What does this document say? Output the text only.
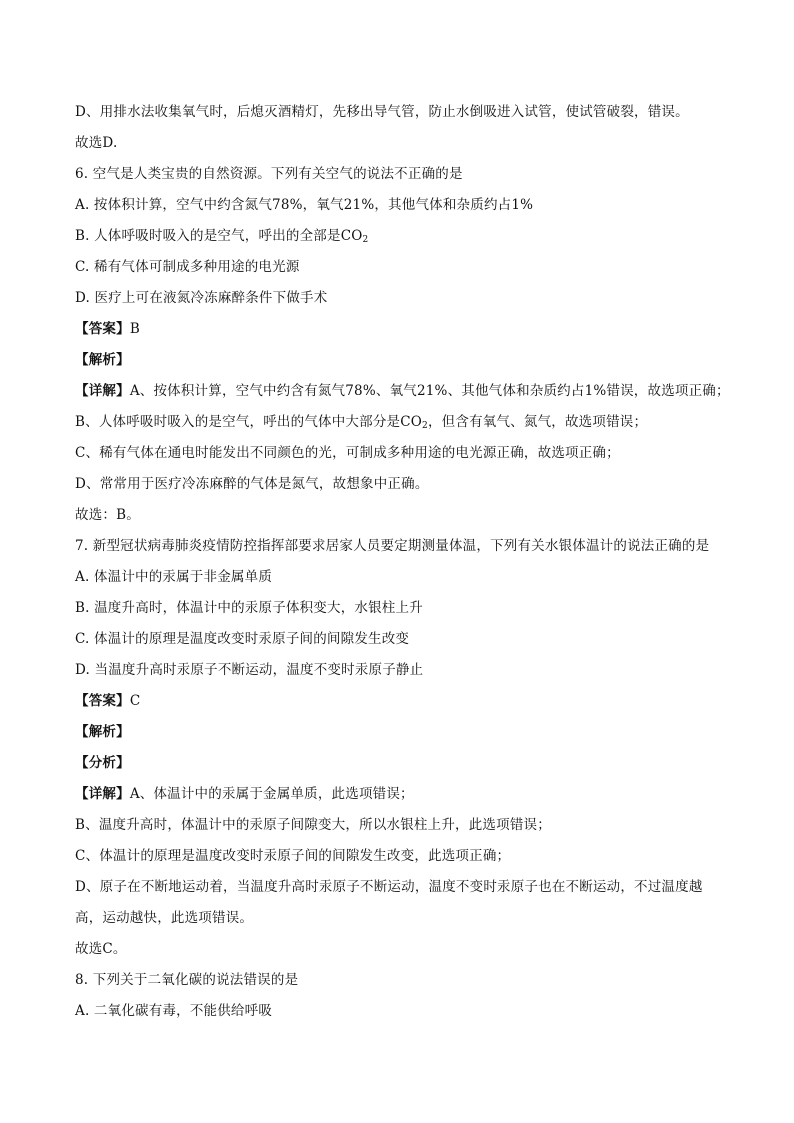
D、用排水法收集氧气时，后熄灭酒精灯，先移出导气管，防止水倒吸进入试管，使试管破裂，错误。
故选D.
6. 空气是人类宝贵的自然资源。下列有关空气的说法不正确的是
A. 按体积计算，空气中约含氮气78%，氧气21%，其他气体和杂质约占1%
B. 人体呼吸时吸入的是空气，呼出的全部是$CO_2$
C. 稀有气体可制成多种用途的电光源
D. 医疗上可在液氮冷冻麻醉条件下做手术
【答案】B
【解析】
【详解】A、按体积计算，空气中约含有氮气78%、氧气21%、其他气体和杂质约占1%错误，故选项正确；
B、人体呼吸时吸入的是空气，呼出的气体中大部分是$CO_2$，但含有氧气、氮气，故选项错误；
C、稀有气体在通电时能发出不同颜色的光，可制成多种用途的电光源正确，故选项正确；
D、常常用于医疗冷冻麻醉的气体是氮气，故想象中正确。
故选：B。
7. 新型冠状病毒肺炎疫情防控指挥部要求居家人员要定期测量体温，下列有关水银体温计的说法正确的是
A. 体温计中的汞属于非金属单质
B. 温度升高时，体温计中的汞原子体积变大，水银柱上升
C. 体温计的原理是温度改变时汞原子间的间隙发生改变
D. 当温度升高时汞原子不断运动，温度不变时汞原子静止
【答案】C
【解析】
【分析】
【详解】A、体温计中的汞属于金属单质，此选项错误；
B、温度升高时，体温计中的汞原子间隙变大，所以水银柱上升，此选项错误；
C、体温计的原理是温度改变时汞原子间的间隙发生改变，此选项正确；
D、原子在不断地运动着，当温度升高时汞原子不断运动，温度不变时汞原子也在不断运动，不过温度越高，运动越快，此选项错误。
故选C。
8. 下列关于二氧化碳的说法错误的是
A. 二氧化碳有毒，不能供给呼吸
